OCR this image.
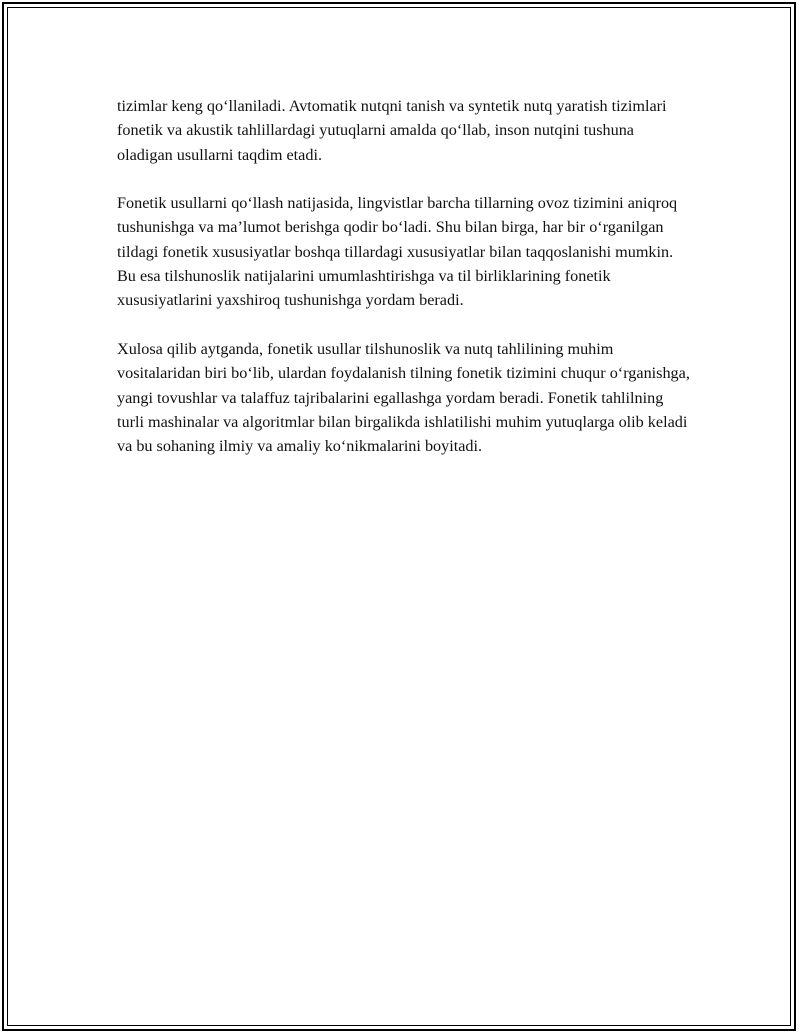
tizimlar keng qo‘llaniladi. Avtomatik nutqni tanish va syntetik nutq yaratish tizimlari fonetik va akustik tahlillardagi yutuqlarni amalda qo‘llab, inson nutqini tushuna oladigan usullarni taqdim etadi.

Fonetik usullarni qo‘llash natijasida, lingvistlar barcha tillarning ovoz tizimini aniqroq tushunishga va ma’lumot berishga qodir bo‘ladi. Shu bilan birga, har bir o‘rganilgan tildagi fonetik xususiyatlar boshqa tillardagi xususiyatlar bilan taqqoslanishi mumkin. Bu esa tilshunoslik natijalarini umumlashtirishga va til birliklarining fonetik xususiyatlarini yaxshiroq tushunishga yordam beradi.

Xulosa qilib aytganda, fonetik usullar tilshunoslik va nutq tahlilining muhim vositalaridan biri bo‘lib, ulardan foydalanish tilning fonetik tizimini chuqur o‘rganishga, yangi tovushlar va talaffuz tajribalarini egallashga yordam beradi. Fonetik tahlilning turli mashinalar va algoritmlar bilan birgalikda ishlatilishi muhim yutuqlarga olib keladi va bu sohaning ilmiy va amaliy ko‘nikmalarini boyitadi.
